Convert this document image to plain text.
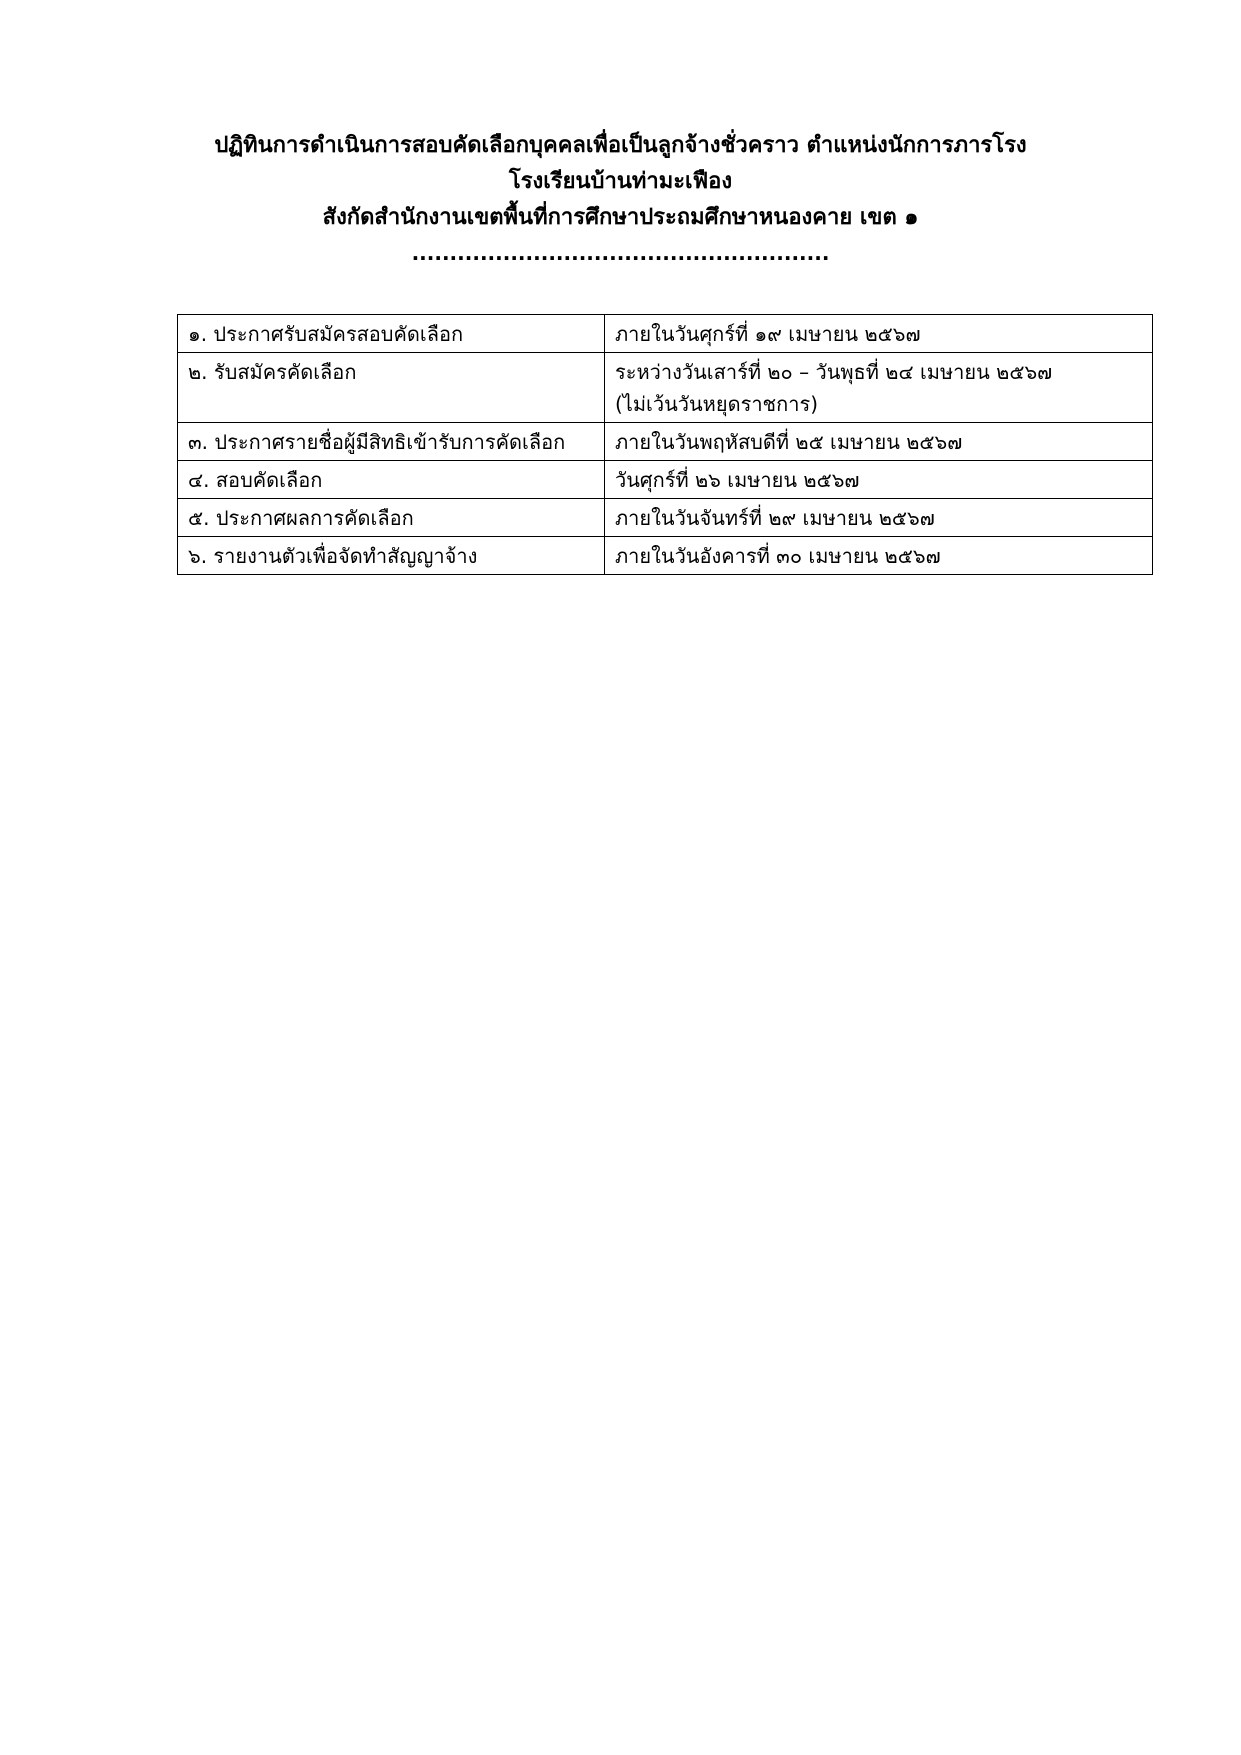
ปฏิทินการดำเนินการสอบคัดเลือกบุคคลเพื่อเป็นลูกจ้างชั่วคราว ตำแหน่งนักการภารโรง
โรงเรียนบ้านท่ามะเฟือง
สังกัดสำนักงานเขตพื้นที่การศึกษาประถมศึกษาหนองคาย เขต ๑
.......................................................
๑. ประกาศรับสมัครสอบคัดเลือก	ภายในวันศุกร์ที่ ๑๙ เมษายน ๒๕๖๗
๒. รับสมัครคัดเลือก	ระหว่างวันเสาร์ที่ ๒๐ – วันพุธที่ ๒๔ เมษายน ๒๕๖๗
(ไม่เว้นวันหยุดราชการ)

๓. ประกาศรายชื่อผู้มีสิทธิเข้ารับการคัดเลือก	ภายในวันพฤหัสบดีที่ ๒๕ เมษายน ๒๕๖๗
๔. สอบคัดเลือก	วันศุกร์ที่ ๒๖ เมษายน ๒๕๖๗
๕. ประกาศผลการคัดเลือก	ภายในวันจันทร์ที่ ๒๙ เมษายน ๒๕๖๗
๖. รายงานตัวเพื่อจัดทำสัญญาจ้าง	ภายในวันอังคารที่ ๓๐ เมษายน ๒๕๖๗
